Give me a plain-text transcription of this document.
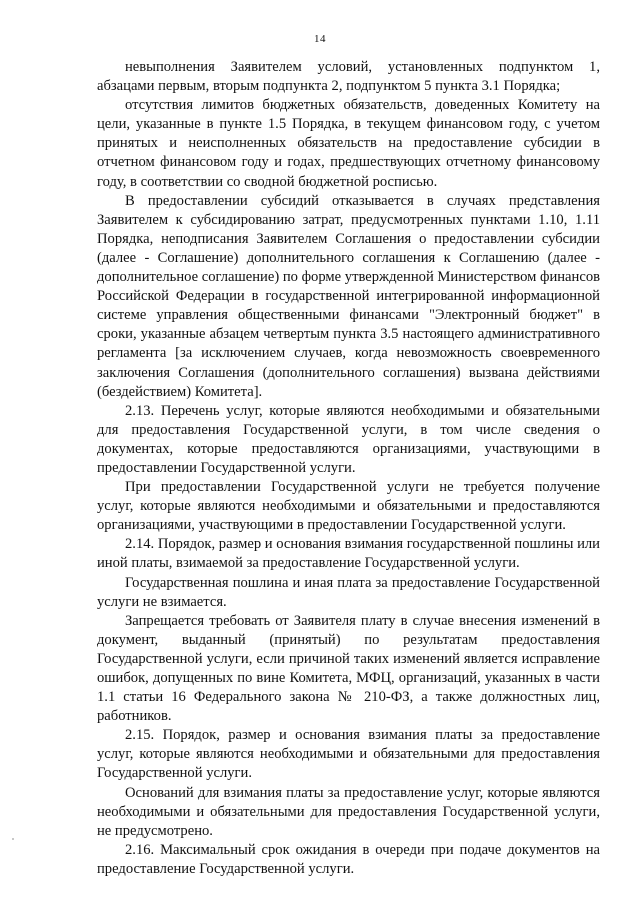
14

невыполнения Заявителем условий, установленных подпунктом 1, абзацами первым, вторым подпункта 2, подпунктом 5 пункта 3.1 Порядка;

отсутствия лимитов бюджетных обязательств, доведенных Комитету на цели, указанные в пункте 1.5 Порядка, в текущем финансовом году, с учетом принятых и неисполненных обязательств на предоставление субсидии в отчетном финансовом году и годах, предшествующих отчетному финансовому году, в соответствии со сводной бюджетной росписью.

В предоставлении субсидий отказывается в случаях представления Заявителем к субсидированию затрат, предусмотренных пунктами 1.10, 1.11 Порядка, неподписания Заявителем Соглашения о предоставлении субсидии (далее - Соглашение) дополнительного соглашения к Соглашению (далее - дополнительное соглашение) по форме утвержденной Министерством финансов Российской Федерации в государственной интегрированной информационной системе управления общественными финансами "Электронный бюджет" в сроки, указанные абзацем четвертым пункта 3.5 настоящего административного регламента [за исключением случаев, когда невозможность своевременного заключения Соглашения (дополнительного соглашения) вызвана действиями (бездействием) Комитета].

2.13. Перечень услуг, которые являются необходимыми и обязательными для предоставления Государственной услуги, в том числе сведения о документах, которые предоставляются организациями, участвующими в предоставлении Государственной услуги.

При предоставлении Государственной услуги не требуется получение услуг, которые являются необходимыми и обязательными и предоставляются организациями, участвующими в предоставлении Государственной услуги.

2.14. Порядок, размер и основания взимания государственной пошлины или иной платы, взимаемой за предоставление Государственной услуги.

Государственная пошлина и иная плата за предоставление Государственной услуги не взимается.

Запрещается требовать от Заявителя плату в случае внесения изменений в документ, выданный (принятый) по результатам предоставления Государственной услуги, если причиной таких изменений является исправление ошибок, допущенных по вине Комитета, МФЦ, организаций, указанных в части 1.1 статьи 16 Федерального закона № 210-ФЗ, а также должностных лиц, работников.

2.15. Порядок, размер и основания взимания платы за предоставление услуг, которые являются необходимыми и обязательными для предоставления Государственной услуги.

Оснований для взимания платы за предоставление услуг, которые являются необходимыми и обязательными для предоставления Государственной услуги, не предусмотрено.

2.16. Максимальный срок ожидания в очереди при подаче документов на предоставление Государственной услуги.
